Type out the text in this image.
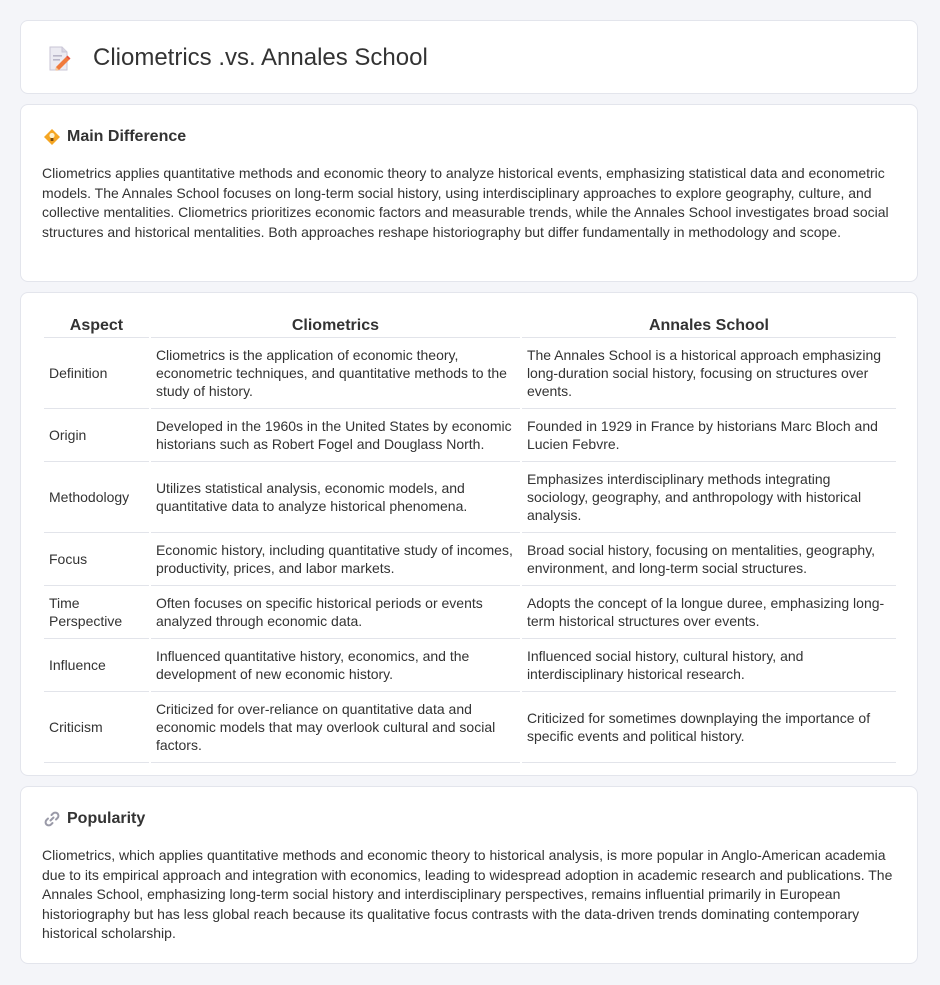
Cliometrics .vs. Annales School
Main Difference

Cliometrics applies quantitative methods and economic theory to analyze historical events, emphasizing statistical data and econometric models. The Annales School focuses on long-term social history, using interdisciplinary approaches to explore geography, culture, and collective mentalities. Cliometrics prioritizes economic factors and measurable trends, while the Annales School investigates broad social structures and historical mentalities. Both approaches reshape historiography but differ fundamentally in methodology and scope.

Aspect	Cliometrics	Annales School
Definition	Cliometrics is the application of economic theory, econometric techniques, and quantitative methods to the study of history.	The Annales School is a historical approach emphasizing long-duration social history, focusing on structures over events.
Origin	Developed in the 1960s in the United States by economic historians such as Robert Fogel and Douglass North.	Founded in 1929 in France by historians Marc Bloch and Lucien Febvre.
Methodology	Utilizes statistical analysis, economic models, and quantitative data to analyze historical phenomena.	Emphasizes interdisciplinary methods integrating sociology, geography, and anthropology with historical analysis.
Focus	Economic history, including quantitative study of incomes, productivity, prices, and labor markets.	Broad social history, focusing on mentalities, geography, environment, and long-term social structures.
Time Perspective	Often focuses on specific historical periods or events analyzed through economic data.	Adopts the concept of la longue duree, emphasizing long-term historical structures over events.
Influence	Influenced quantitative history, economics, and the development of new economic history.	Influenced social history, cultural history, and interdisciplinary historical research.
Criticism	Criticized for over-reliance on quantitative data and economic models that may overlook cultural and social factors.	Criticized for sometimes downplaying the importance of specific events and political history.
Popularity

Cliometrics, which applies quantitative methods and economic theory to historical analysis, is more popular in Anglo-American academia due to its empirical approach and integration with economics, leading to widespread adoption in academic research and publications. The Annales School, emphasizing long-term social history and interdisciplinary perspectives, remains influential primarily in European historiography but has less global reach because its qualitative focus contrasts with the data-driven trends dominating contemporary historical scholarship.
